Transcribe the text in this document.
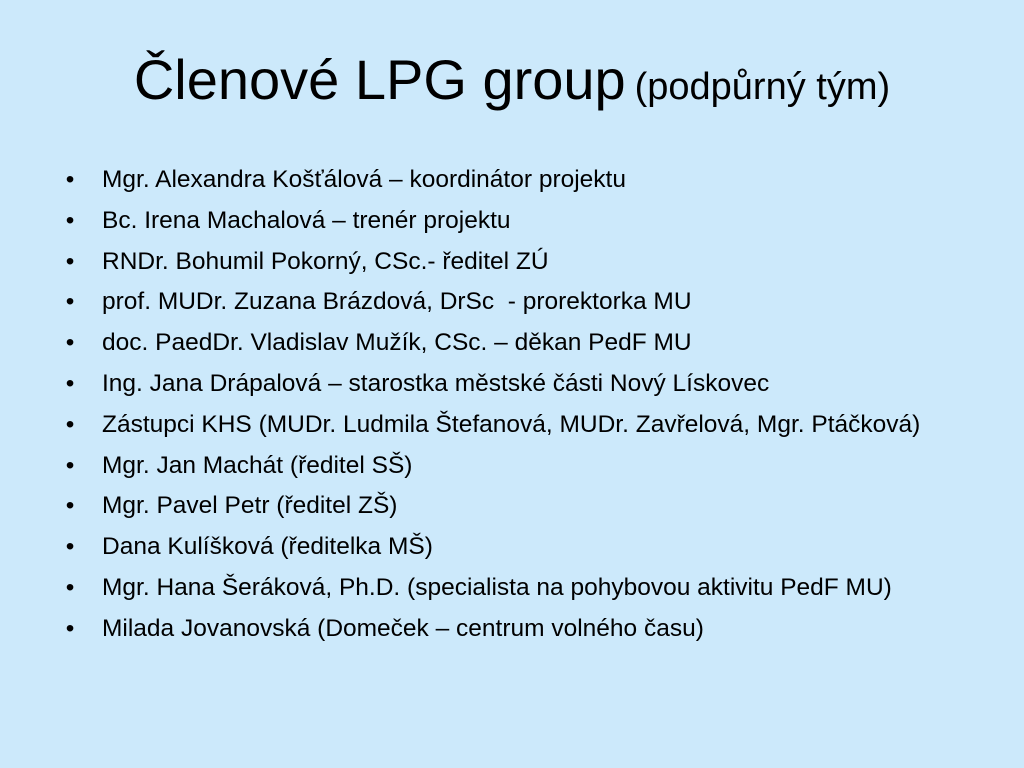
Členové LPG group (podpůrný tým)
• Mgr. Alexandra Košťálová – koordinátor projektu
• Bc. Irena Machalová – trenér projektu
• RNDr. Bohumil Pokorný, CSc.- ředitel ZÚ
• prof. MUDr. Zuzana Brázdová, DrSc  - prorektorka MU
• doc. PaedDr. Vladislav Mužík, CSc. – děkan PedF MU
• Ing. Jana Drápalová – starostka městské části Nový Lískovec
• Zástupci KHS (MUDr. Ludmila Štefanová, MUDr. Zavřelová, Mgr. Ptáčková)
• Mgr. Jan Machát (ředitel SŠ)
• Mgr. Pavel Petr (ředitel ZŠ)
• Dana Kulíšková (ředitelka MŠ)
• Mgr. Hana Šeráková, Ph.D. (specialista na pohybovou aktivitu PedF MU)
• Milada Jovanovská (Domeček – centrum volného času)
